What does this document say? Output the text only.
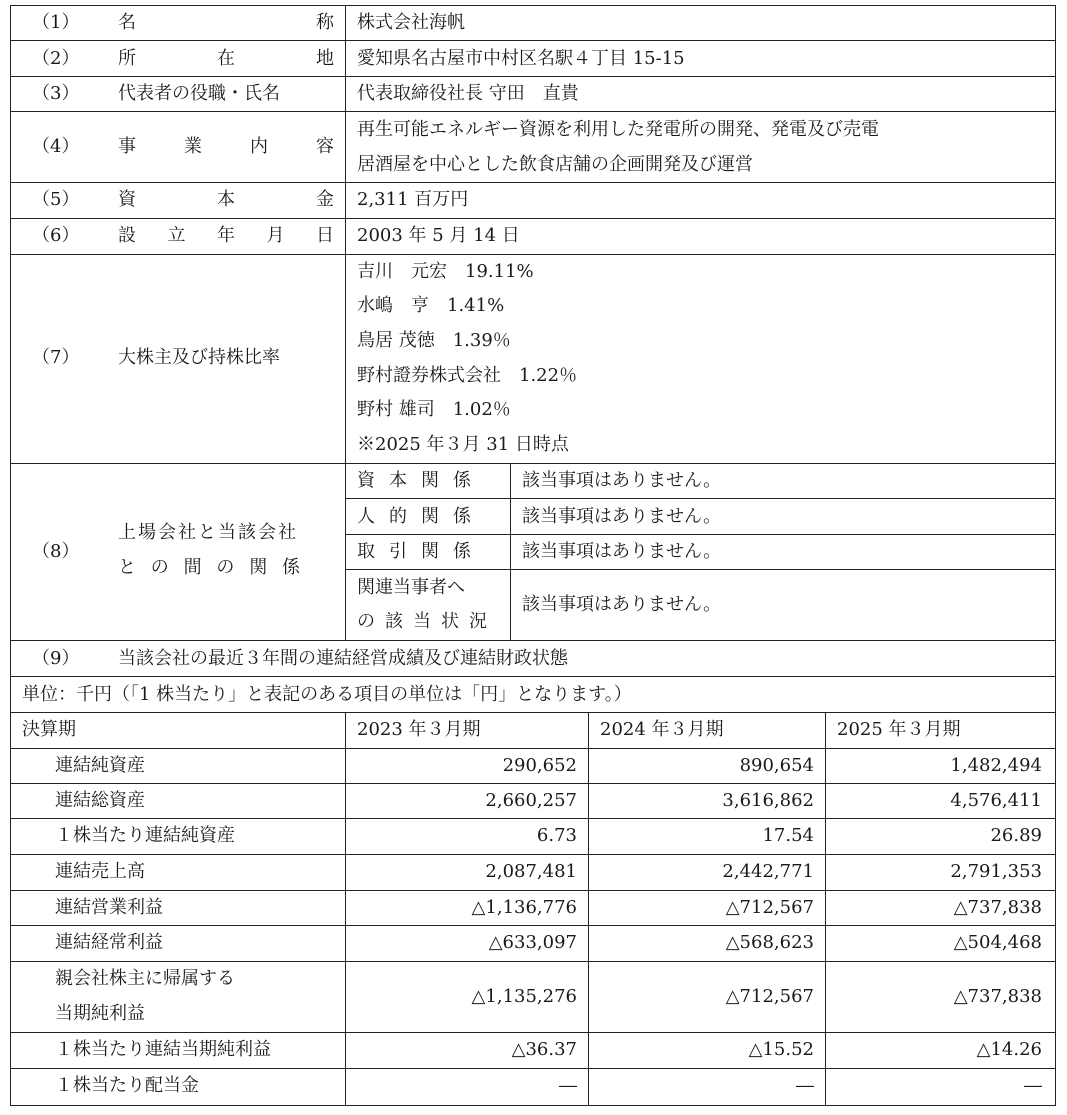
（1） 名	称 株式会社海帆
（2） 所	在	地 愛知県名古屋市中村区名駅４丁目 15-15
（3） 代表者の役職・氏名	代表取締役社長 守田　直貴
（4） 事	業	内	容
再生可能エネルギー資源を利用した発電所の開発、発電及び売電
居酒屋を中心とした飲食店舗の企画開発及び運営
（5） 資	本	金 2,311 百万円
（6） 設 立 年 月 日 2003 年 5 月 14 日
（7） 大株主及び持株比率
吉川　元宏　19.11%
水嶋　亨　1.41%
鳥居 茂徳　1.39％
野村證券株式会社　1.22％
野村 雄司　1.02％
※2025 年３月 31 日時点
（8）
上場会社と当該会社
との間の関係
資本関係 該当事項はありません。
人的関係 該当事項はありません。
取引関係 該当事項はありません。
関連当事者へ
の該当状況
該当事項はありません。
（9） 当該会社の最近３年間の連結経営成績及び連結財政状態
単位：千円（「1 株当たり」と表記のある項目の単位は「円」となります。）
決算期	2023 年３月期	2024 年３月期	2025 年３月期
連結純資産	290,652	890,654	1,482,494
連結総資産	2,660,257	3,616,862	4,576,411
１株当たり連結純資産	6.73	17.54	26.89
連結売上高	2,087,481	2,442,771	2,791,353
連結営業利益	△1,136,776	△712,567	△737,838
連結経常利益	△633,097	△568,623	△504,468
親会社株主に帰属する
当期純利益
△1,135,276	△712,567	△737,838
１株当たり連結当期純利益	△36.37	△15.52	△14.26
１株当たり配当金	―	―	―
